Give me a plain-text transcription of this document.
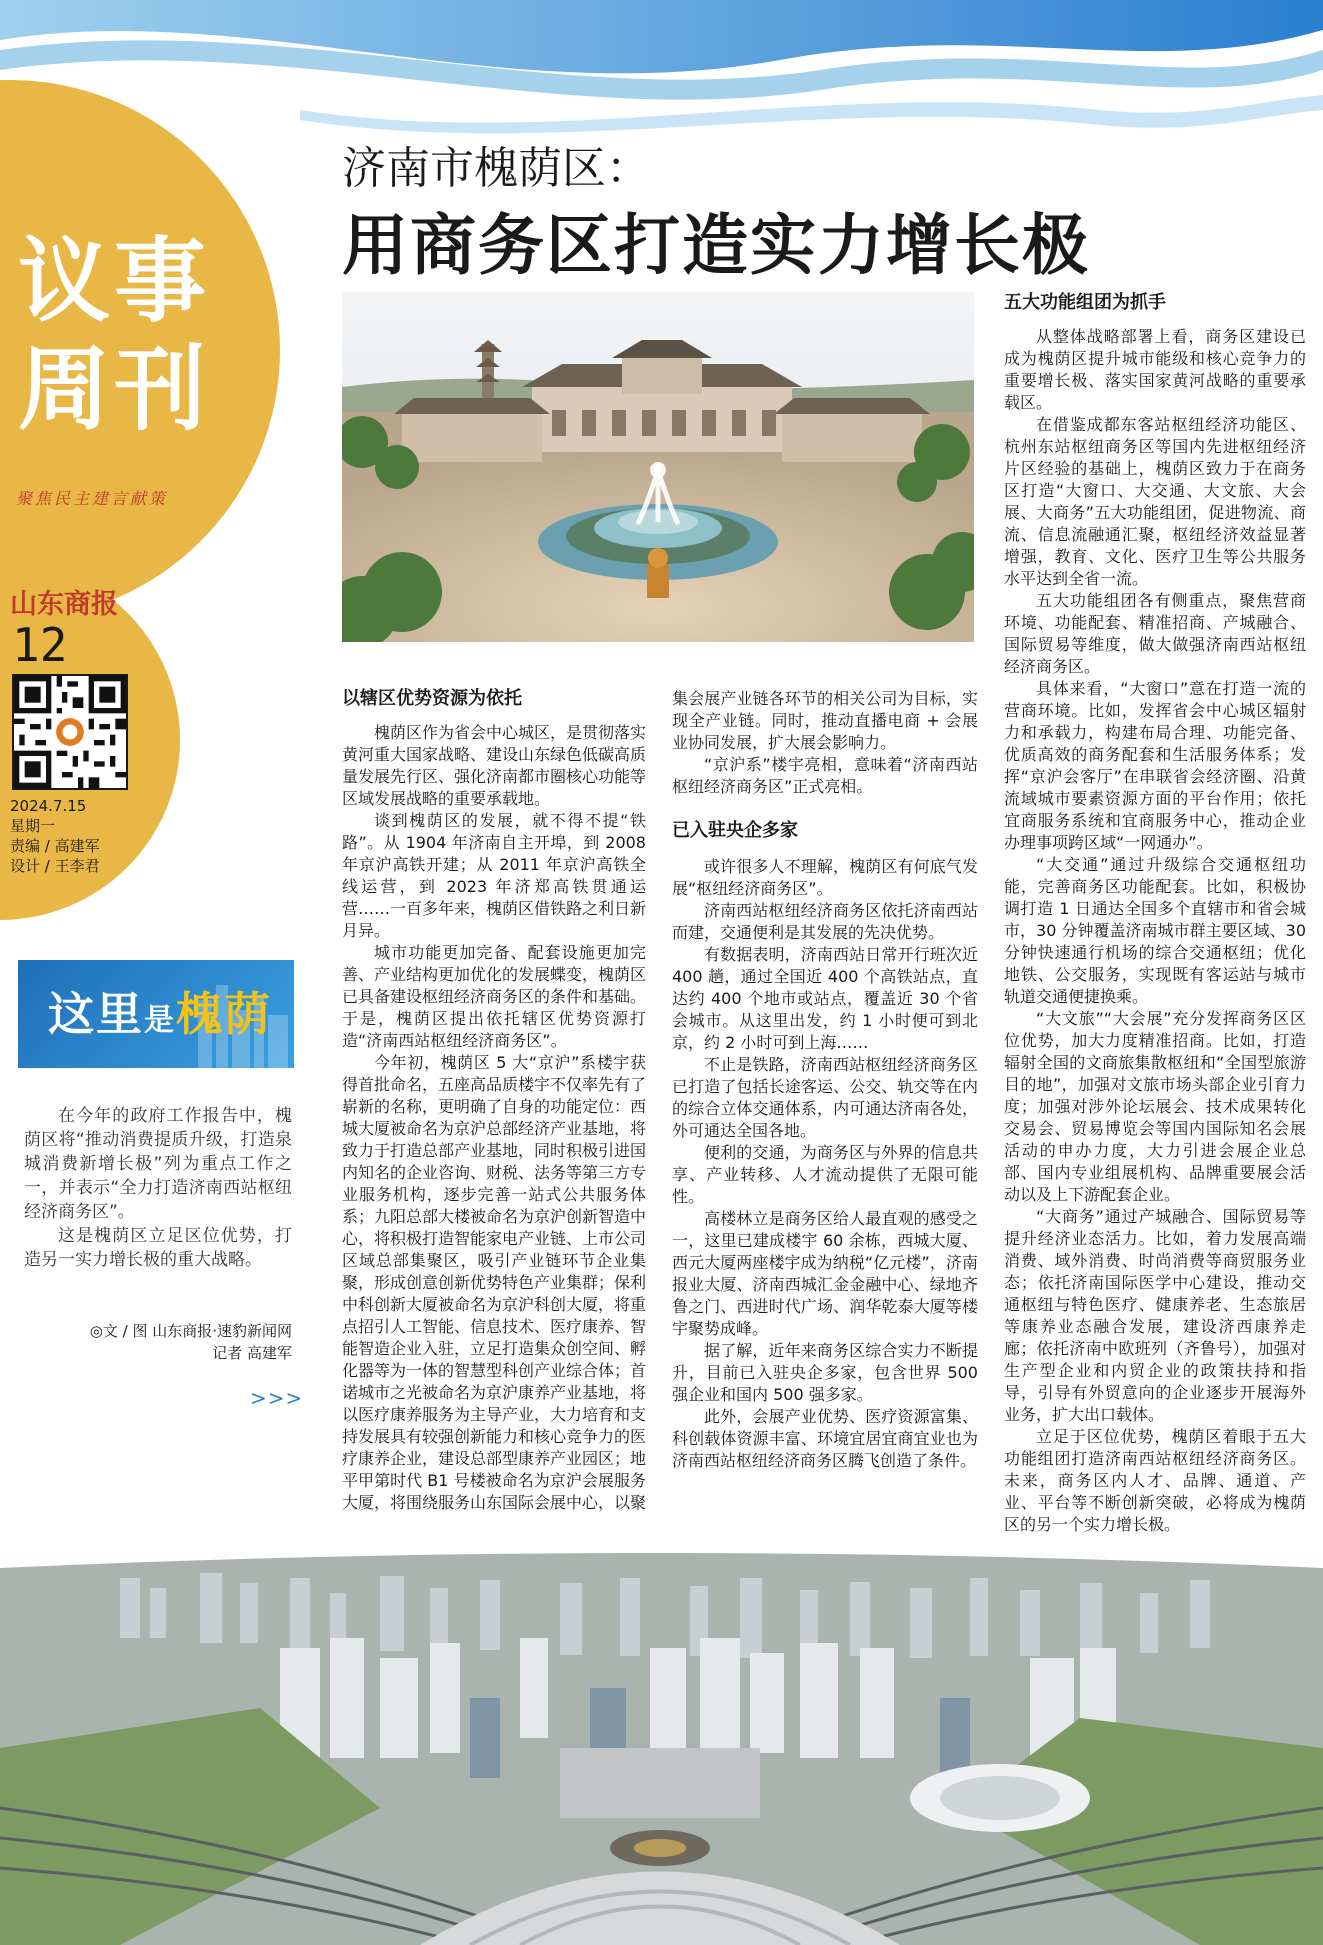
议事
周刊
聚焦民主建言献策
山东商报
12
2024.7.15
星期一
责编 / 高建军
设计 / 王李君
这里是槐荫

在今年的政府工作报告中，槐荫区将“推动消费提质升级，打造泉城消费新增长极”列为重点工作之一，并表示“全力打造济南西站枢纽经济商务区”。

这是槐荫区立足区位优势，打造另一实力增长极的重大战略。

◎文 / 图 山东商报·速豹新闻网
记者 高建军
>>>
济南市槐荫区：
用商务区打造实力增长极
以辖区优势资源为依托

槐荫区作为省会中心城区，是贯彻落实黄河重大国家战略、建设山东绿色低碳高质量发展先行区、强化济南都市圈核心功能等区域发展战略的重要承载地。

谈到槐荫区的发展，就不得不提“铁路”。从 1904 年济南自主开埠，到 2008 年京沪高铁开建；从 2011 年京沪高铁全线运营，到 2023 年济郑高铁贯通运营……一百多年来，槐荫区借铁路之利日新月异。

城市功能更加完备、配套设施更加完善、产业结构更加优化的发展蝶变，槐荫区已具备建设枢纽经济商务区的条件和基础。于是，槐荫区提出依托辖区优势资源打造“济南西站枢纽经济商务区”。

今年初，槐荫区 5 大“京沪”系楼宇获得首批命名，五座高品质楼宇不仅率先有了崭新的名称，更明确了自身的功能定位：西城大厦被命名为京沪总部经济产业基地，将致力于打造总部产业基地，同时积极引进国内知名的企业咨询、财税、法务等第三方专业服务机构，逐步完善一站式公共服务体系；九阳总部大楼被命名为京沪创新智造中心，将积极打造智能家电产业链、上市公司区域总部集聚区，吸引产业链环节企业集聚，形成创意创新优势特色产业集群；保利中科创新大厦被命名为京沪科创大厦，将重点招引人工智能、信息技术、医疗康养、智能智造企业入驻，立足打造集众创空间、孵化器等为一体的智慧型科创产业综合体；首诺城市之光被命名为京沪康养产业基地，将以医疗康养服务为主导产业，大力培育和支持发展具有较强创新能力和核心竞争力的医疗康养企业，建设总部型康养产业园区；地平甲第时代 B1 号楼被命名为京沪会展服务大厦，将围绕服务山东国际会展中心，以聚

集会展产业链各环节的相关公司为目标，实现全产业链。同时，推动直播电商 + 会展业协同发展，扩大展会影响力。

“京沪系”楼宇亮相，意味着“济南西站枢纽经济商务区”正式亮相。

已入驻央企多家

或许很多人不理解，槐荫区有何底气发展“枢纽经济商务区”。

济南西站枢纽经济商务区依托济南西站而建，交通便利是其发展的先决优势。

有数据表明，济南西站日常开行班次近 400 趟，通过全国近 400 个高铁站点，直达约 400 个地市或站点，覆盖近 30 个省会城市。从这里出发，约 1 小时便可到北京，约 2 小时可到上海……

不止是铁路，济南西站枢纽经济商务区已打造了包括长途客运、公交、轨交等在内的综合立体交通体系，内可通达济南各处，外可通达全国各地。

便利的交通，为商务区与外界的信息共享、产业转移、人才流动提供了无限可能性。

高楼林立是商务区给人最直观的感受之一，这里已建成楼宇 60 余栋，西城大厦、西元大厦两座楼宇成为纳税“亿元楼”，济南报业大厦、济南西城汇金金融中心、绿地齐鲁之门、西进时代广场、润华乾泰大厦等楼宇聚势成峰。

据了解，近年来商务区综合实力不断提升，目前已入驻央企多家，包含世界 500 强企业和国内 500 强多家。

此外，会展产业优势、医疗资源富集、科创载体资源丰富、环境宜居宜商宜业也为济南西站枢纽经济商务区腾飞创造了条件。

五大功能组团为抓手

从整体战略部署上看，商务区建设已成为槐荫区提升城市能级和核心竞争力的重要增长极、落实国家黄河战略的重要承载区。

在借鉴成都东客站枢纽经济功能区、杭州东站枢纽商务区等国内先进枢纽经济片区经验的基础上，槐荫区致力于在商务区打造“大窗口、大交通、大文旅、大会展、大商务”五大功能组团，促进物流、商流、信息流融通汇聚，枢纽经济效益显著增强，教育、文化、医疗卫生等公共服务水平达到全省一流。

五大功能组团各有侧重点，聚焦营商环境、功能配套、精准招商、产城融合、国际贸易等维度，做大做强济南西站枢纽经济商务区。

具体来看，“大窗口”意在打造一流的营商环境。比如，发挥省会中心城区辐射力和承载力，构建布局合理、功能完备、优质高效的商务配套和生活服务体系；发挥“京沪会客厅”在串联省会经济圈、沿黄流域城市要素资源方面的平台作用；依托宜商服务系统和宜商服务中心，推动企业办理事项跨区域“一网通办”。

“大交通”通过升级综合交通枢纽功能，完善商务区功能配套。比如，积极协调打造 1 日通达全国多个直辖市和省会城市，30 分钟覆盖济南城市群主要区域、30 分钟快速通行机场的综合交通枢纽；优化地铁、公交服务，实现既有客运站与城市轨道交通便捷换乘。

“大文旅”“大会展”充分发挥商务区区位优势，加大力度精准招商。比如，打造辐射全国的文商旅集散枢纽和“全国型旅游目的地”，加强对文旅市场头部企业引育力度；加强对涉外论坛展会、技术成果转化交易会、贸易博览会等国内国际知名会展活动的申办力度，大力引进会展企业总部、国内专业组展机构、品牌重要展会活动以及上下游配套企业。

“大商务”通过产城融合、国际贸易等提升经济业态活力。比如，着力发展高端消费、域外消费、时尚消费等商贸服务业态；依托济南国际医学中心建设，推动交通枢纽与特色医疗、健康养老、生态旅居等康养业态融合发展，建设济西康养走廊；依托济南中欧班列（齐鲁号），加强对生产型企业和内贸企业的政策扶持和指导，引导有外贸意向的企业逐步开展海外业务，扩大出口载体。

立足于区位优势，槐荫区着眼于五大功能组团打造济南西站枢纽经济商务区。未来，商务区内人才、品牌、通道、产业、平台等不断创新突破，必将成为槐荫区的另一个实力增长极。
